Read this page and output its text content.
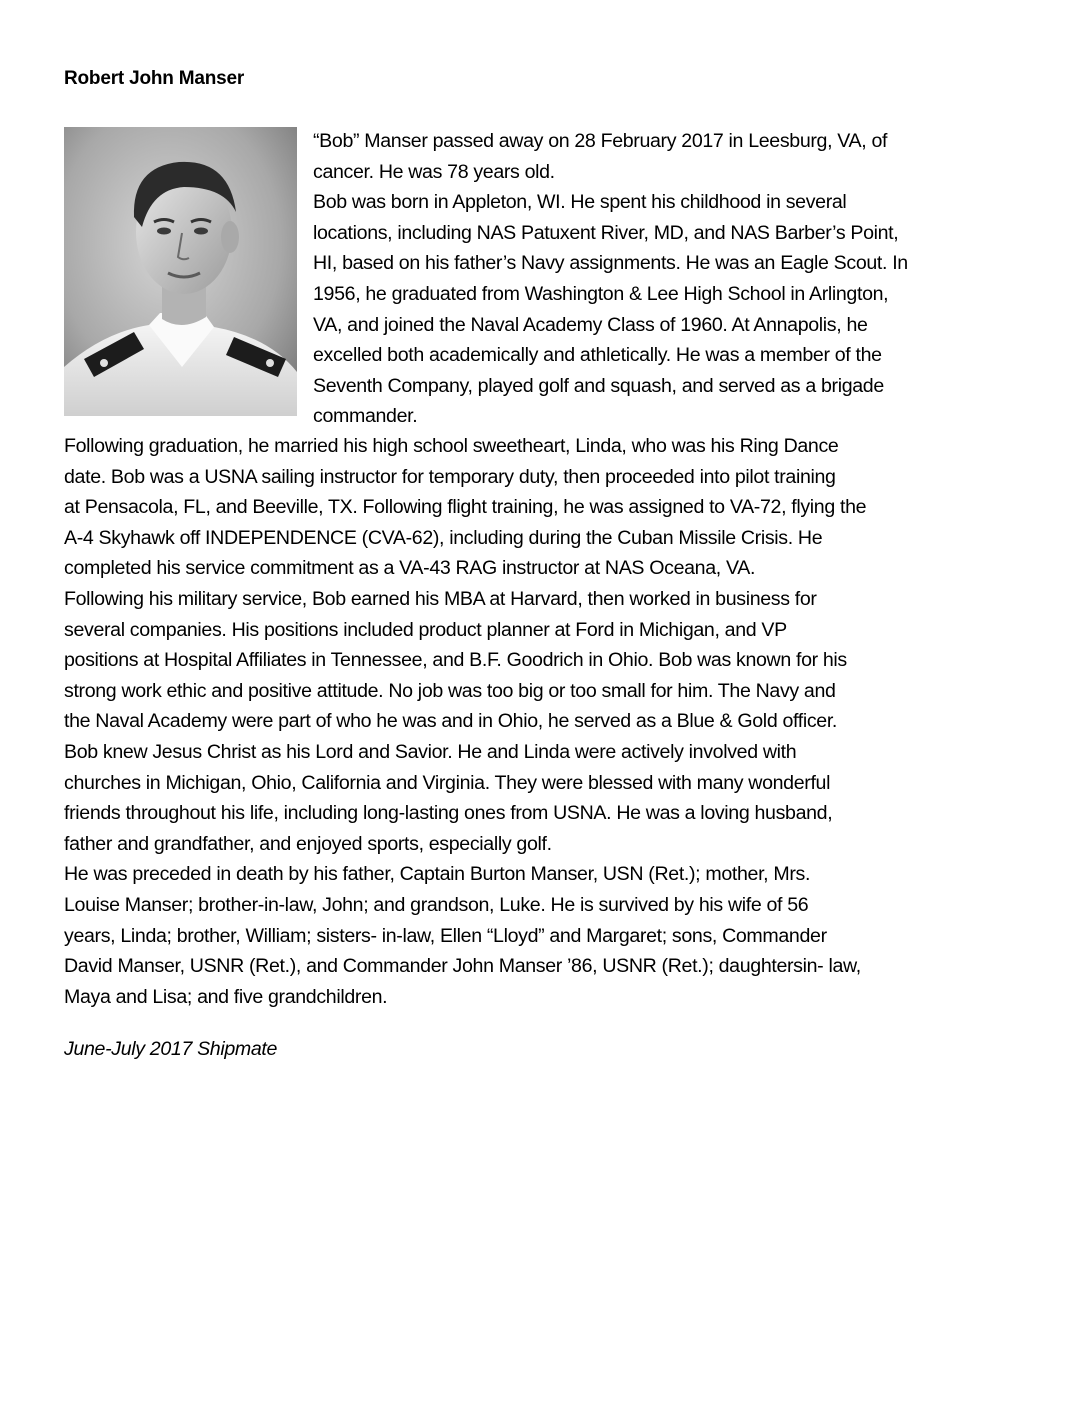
Robert John Manser
“Bob” Manser passed away on 28 February 2017 in Leesburg, VA, of
cancer. He was 78 years old.
Bob was born in Appleton, WI. He spent his childhood in several
locations, including NAS Patuxent River, MD, and NAS Barber’s Point,
HI, based on his father’s Navy assignments. He was an Eagle Scout. In
1956, he graduated from Washington & Lee High School in Arlington,
VA, and joined the Naval Academy Class of 1960. At Annapolis, he
excelled both academically and athletically. He was a member of the
Seventh Company, played golf and squash, and served as a brigade
commander.
Following graduation, he married his high school sweetheart, Linda, who was his Ring Dance
date. Bob was a USNA sailing instructor for temporary duty, then proceeded into pilot training
at Pensacola, FL, and Beeville, TX. Following flight training, he was assigned to VA-72, flying the
A-4 Skyhawk off INDEPENDENCE (CVA-62), including during the Cuban Missile Crisis. He
completed his service commitment as a VA-43 RAG instructor at NAS Oceana, VA.
Following his military service, Bob earned his MBA at Harvard, then worked in business for
several companies. His positions included product planner at Ford in Michigan, and VP
positions at Hospital Affiliates in Tennessee, and B.F. Goodrich in Ohio. Bob was known for his
strong work ethic and positive attitude. No job was too big or too small for him. The Navy and
the Naval Academy were part of who he was and in Ohio, he served as a Blue & Gold officer.
Bob knew Jesus Christ as his Lord and Savior. He and Linda were actively involved with
churches in Michigan, Ohio, California and Virginia. They were blessed with many wonderful
friends throughout his life, including long-lasting ones from USNA. He was a loving husband,
father and grandfather, and enjoyed sports, especially golf.
He was preceded in death by his father, Captain Burton Manser, USN (Ret.); mother, Mrs.
Louise Manser; brother-in-law, John; and grandson, Luke. He is survived by his wife of 56
years, Linda; brother, William; sisters- in-law, Ellen “Lloyd” and Margaret; sons, Commander
David Manser, USNR (Ret.), and Commander John Manser ’86, USNR (Ret.); daughtersin- law,
Maya and Lisa; and five grandchildren.

June-July 2017 Shipmate
